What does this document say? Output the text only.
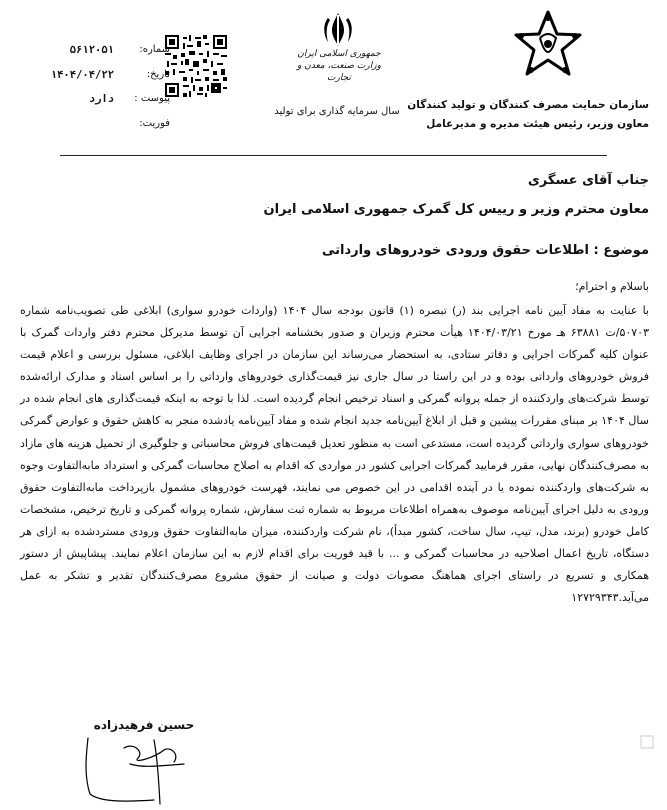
سازمان حمایت مصرف کنندگان و تولید کنندگان
معاون وزیر، رئیس هیئت مدیره و مدیرعامل
جمهوری اسلامی ایران
وزارت صنعت، معدن و تجارت
سال سرمایه گذاری برای تولید
شماره:
تاریخ:
پیوست :
فوریت:
۵۶۱۲۰۵۱
۱۴۰۴/۰۴/۲۲
دارد

جناب آقای عسگری
معاون محترم وزیر و رییس کل گمرک جمهوری اسلامی ایران
موضوع : اطلاعات حقوق ورودی خودروهای وارداتی
باسلام و احترام؛
با عنایت به مفاد آیین نامه اجرایی بند (ر) تبصره (۱) قانون بودجه سال ۱۴۰۴ (واردات خودرو سواری) ابلاغی طی تصویب‌نامه شماره ۵۰۷۰۳/ت ۶۳۸۸۱ هـ مورخ ۱۴۰۴/۰۳/۲۱ هیأت محترم وزیران و صدور بخشنامه اجرایی آن توسط مدیرکل محترم دفتر واردات گمرک با عنوان کلیه گمرکات اجرایی و دفاتر ستادی، به استحضار می‌رساند این سازمان در اجرای وظایف ابلاغی، مسئول بررسی و اعلام قیمت فروش خودروهای وارداتی بوده و در این راستا در سال جاری نیز قیمت‌گذاری خودروهای وارداتی را بر اساس اسناد و مدارک ارائه‌شده توسط شرکت‌های واردکننده از جمله پروانه گمرکی و اسناد ترخیص انجام گردیده است. لذا با توجه به اینکه قیمت‌گذاری های انجام شده در سال ۱۴۰۴ بر مبنای مقررات پیشین و قبل از ابلاغ آیین‌نامه جدید انجام شده و مفاد آیین‌نامه یادشده منجر به کاهش حقوق و عوارض گمرکی خودروهای سواری وارداتی گردیده است، مستدعی است به منظور تعدیل قیمت‌های فروش محاسباتی و جلوگیری از تحمیل هزینه های مازاد به مصرف‌کنندگان نهایی، مقرر فرمایید گمرکات اجرایی کشور در مواردی که اقدام به اصلاح محاسبات گمرکی و استرداد مابه‌التفاوت وجوه به شرکت‌های واردکننده نموده یا در آینده اقدامی در این خصوص می نمایند، فهرست خودروهای مشمول بازپرداخت مابه‌التفاوت حقوق ورودی به دلیل اجرای آیین‌نامه موصوف به‌همراه اطلاعات مربوط به شماره ثبت سفارش، شماره پروانه گمرکی و تاریخ ترخیص، مشخصات کامل خودرو (برند، مدل، تیپ، سال ساخت، کشور مبدأ)، نام شرکت واردکننده، میزان مابه‌التفاوت حقوق ورودی مستردشده به ازای هر دستگاه، تاریخ اعمال اصلاحیه در محاسبات گمرکی و ... با قید فوریت برای اقدام لازم به این سازمان اعلام نمایند. پیشاپیش از دستور همکاری و تسریع در راستای اجرای هماهنگ مصوبات دولت و صیانت از حقوق مشروع مصرف‌کنندگان تقدیر و تشکر به عمل می‌آید.۱۲۷۲۹۳۴۳
حسین فرهیدزاده
